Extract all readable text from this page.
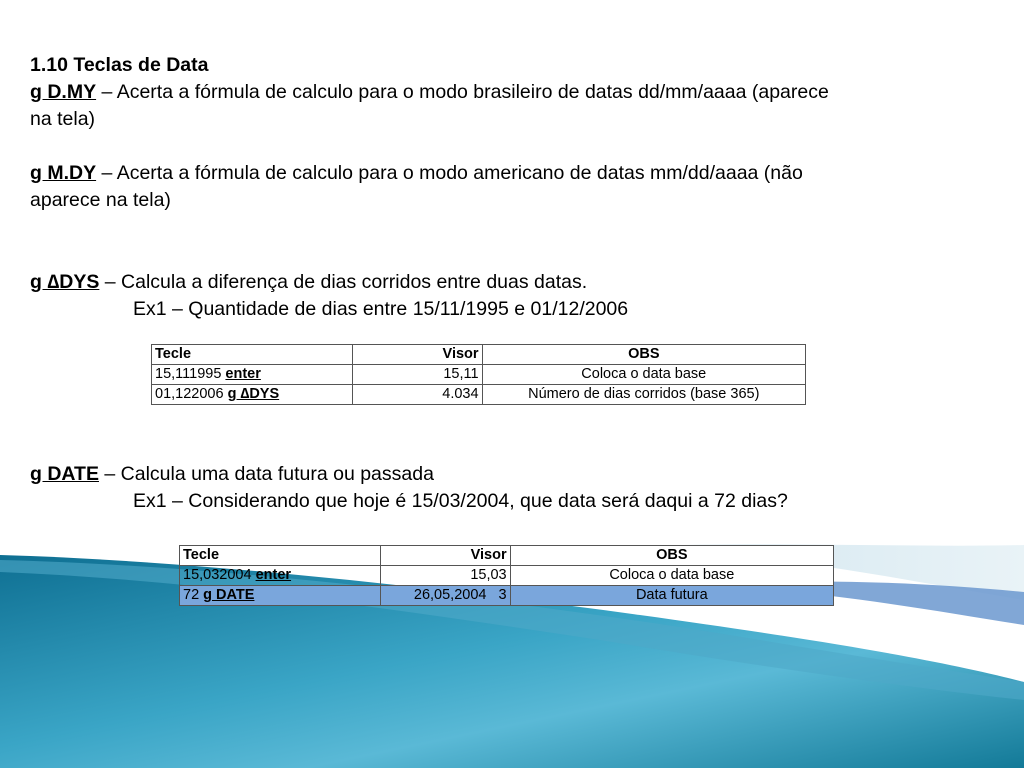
1.10 Teclas de Data
g D.MY – Acerta a fórmula de calculo para o modo brasileiro de datas dd/mm/aaaa (aparece
na tela)
g M.DY – Acerta a fórmula de calculo para o modo americano de datas mm/dd/aaaa (não
aparece na tela)
g ∆DYS – Calcula a diferença de dias corridos entre duas datas.
Ex1 – Quantidade de dias entre 15/11/1995 e 01/12/2006
Tecle	Visor	OBS
15,111995 enter	15,11	Coloca o data base
01,122006 g ∆DYS	4.034	Número de dias corridos (base 365)
g DATE – Calcula uma data futura ou passada
Ex1 – Considerando que hoje é 15/03/2004, que data será daqui a 72 dias?
Tecle	Visor	OBS
15,032004 enter	15,03	Coloca o data base
72 g DATE	26,05,2004   3	Data futura
